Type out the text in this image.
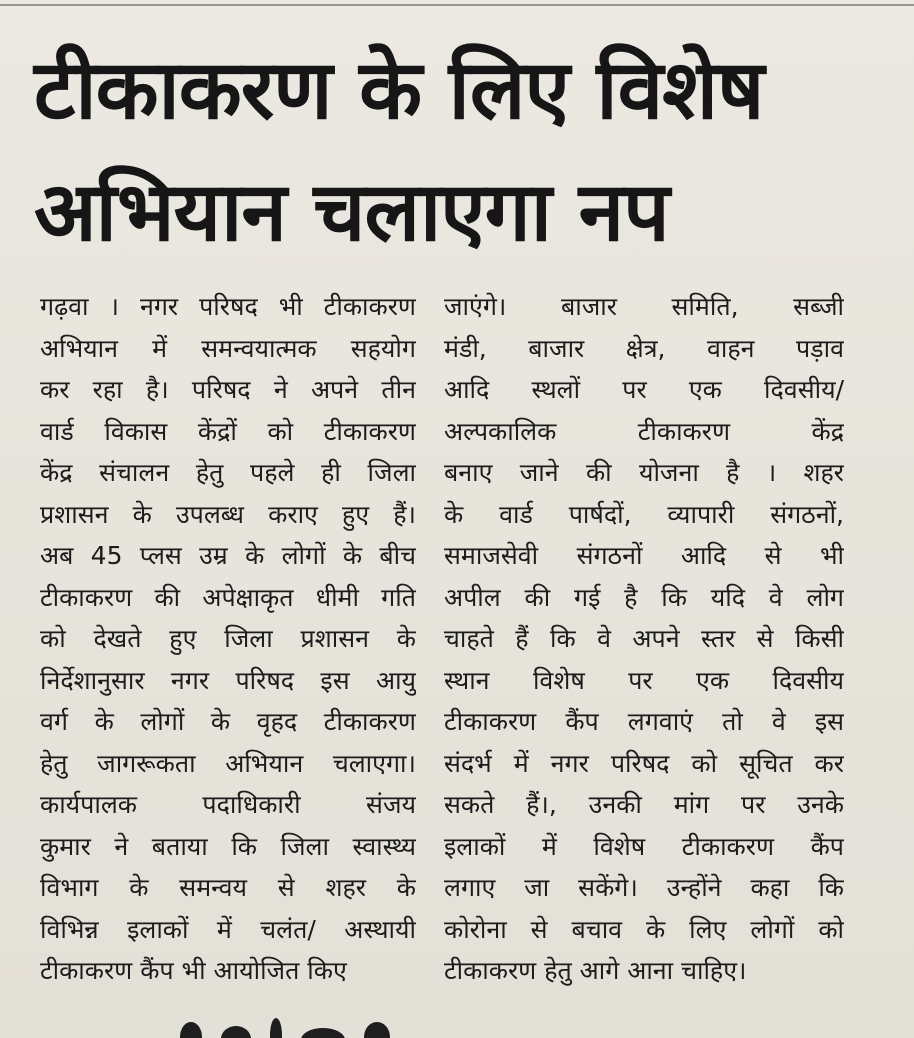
टीकाकरण के लिए विशेष
अभियान चलाएगा नप
गढ़वा । नगर परिषद भी टीकाकरण
अभियान में समन्वयात्मक सहयोग
कर रहा है। परिषद ने अपने तीन
वार्ड विकास केंद्रों को टीकाकरण
केंद्र संचालन हेतु पहले ही जिला
प्रशासन के उपलब्ध कराए हुए हैं।
अब 45 प्लस उम्र के लोगों के बीच
टीकाकरण की अपेक्षाकृत धीमी गति
को देखते हुए जिला प्रशासन के
निर्देशानुसार नगर परिषद इस आयु
वर्ग के लोगों के वृहद टीकाकरण
हेतु जागरूकता अभियान चलाएगा।
कार्यपालक पदाधिकारी संजय
कुमार ने बताया कि जिला स्वास्थ्य
विभाग के समन्वय से शहर के
विभिन्न इलाकों में चलंत/ अस्थायी
टीकाकरण कैंप भी आयोजित किए
जाएंगे। बाजार समिति, सब्जी
मंडी, बाजार क्षेत्र, वाहन पड़ाव
आदि स्थलों पर एक दिवसीय/
अल्पकालिक टीकाकरण केंद्र
बनाए जाने की योजना है । शहर
के वार्ड पार्षदों, व्यापारी संगठनों,
समाजसेवी संगठनों आदि से भी
अपील की गई है कि यदि वे लोग
चाहते हैं कि वे अपने स्तर से किसी
स्थान विशेष पर एक दिवसीय
टीकाकरण कैंप लगवाएं तो वे इस
संदर्भ में नगर परिषद को सूचित कर
सकते हैं।, उनकी मांग पर उनके
इलाकों में विशेष टीकाकरण कैंप
लगाए जा सकेंगे। उन्होंने कहा कि
कोरोना से बचाव के लिए लोगों को
टीकाकरण हेतु आगे आना चाहिए।
